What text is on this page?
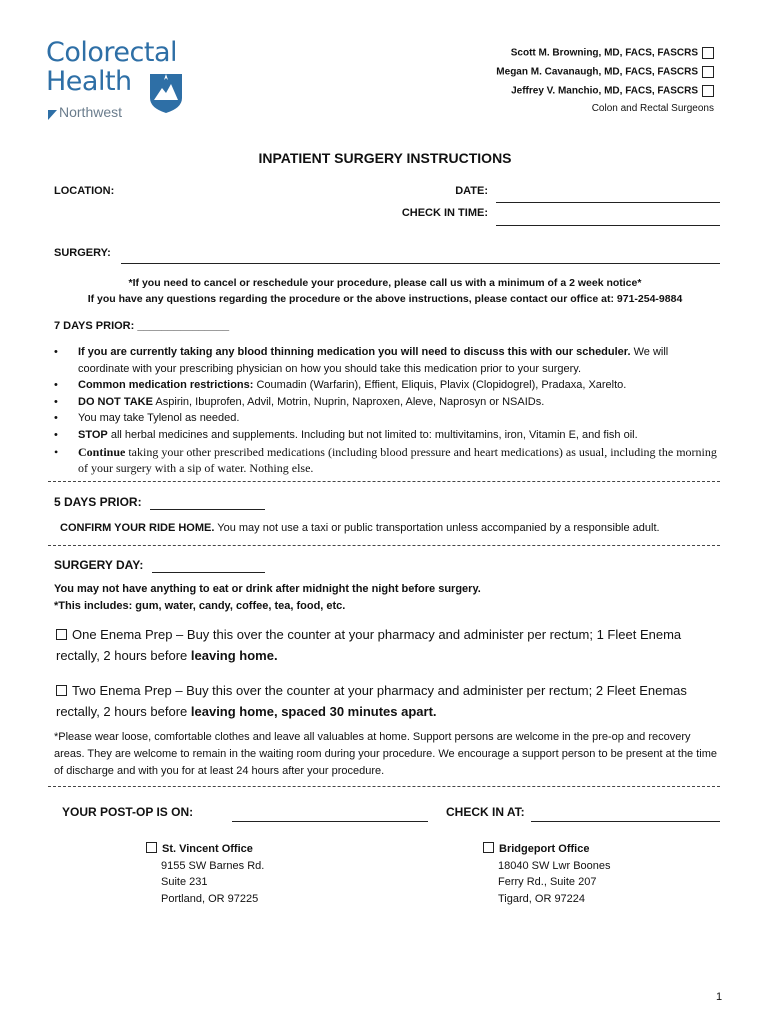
Colorectal
Health
Northwest
Scott M. Browning, MD, FACS, FASCRS
Megan M. Cavanaugh, MD, FACS, FASCRS
Jeffrey V. Manchio, MD, FACS, FASCRS
Colon and Rectal Surgeons
INPATIENT SURGERY INSTRUCTIONS
LOCATION:	DATE:
CHECK IN TIME:
SURGERY:
*If you need to cancel or reschedule your procedure, please call us with a minimum of a 2 week notice*
If you have any questions regarding the procedure or the above instructions, please contact our office at: 971-254-9884
7 DAYS PRIOR: _______________
• If you are currently taking any blood thinning medication you will need to discuss this with our scheduler. We will coordinate with your prescribing physician on how you should take this medication prior to your surgery.
• Common medication restrictions: Coumadin (Warfarin), Effient, Eliquis, Plavix (Clopidogrel), Pradaxa, Xarelto.
• DO NOT TAKE Aspirin, Ibuprofen, Advil, Motrin, Nuprin, Naproxen, Aleve, Naprosyn or NSAIDs.
• You may take Tylenol as needed.
• STOP all herbal medicines and supplements. Including but not limited to: multivitamins, iron, Vitamin E, and fish oil.
• Continue taking your other prescribed medications (including blood pressure and heart medications) as usual, including the morning of your surgery with a sip of water. Nothing else.
5 DAYS PRIOR:
CONFIRM YOUR RIDE HOME. You may not use a taxi or public transportation unless accompanied by a responsible adult.
SURGERY DAY:
You may not have anything to eat or drink after midnight the night before surgery.
*This includes: gum, water, candy, coffee, tea, food, etc.
One Enema Prep – Buy this over the counter at your pharmacy and administer per rectum; 1 Fleet Enema rectally, 2 hours before leaving home.
Two Enema Prep – Buy this over the counter at your pharmacy and administer per rectum; 2 Fleet Enemas rectally, 2 hours before leaving home, spaced 30 minutes apart.
*Please wear loose, comfortable clothes and leave all valuables at home. Support persons are welcome in the pre-op and recovery areas. They are welcome to remain in the waiting room during your procedure. We encourage a support person to be present at the time of discharge and with you for at least 24 hours after your procedure.
YOUR POST-OP IS ON:	CHECK IN AT:
St. Vincent Office
9155 SW Barnes Rd.
Suite 231
Portland, OR 97225
Bridgeport Office
18040 SW Lwr Boones
Ferry Rd., Suite 207
Tigard, OR 97224
1
